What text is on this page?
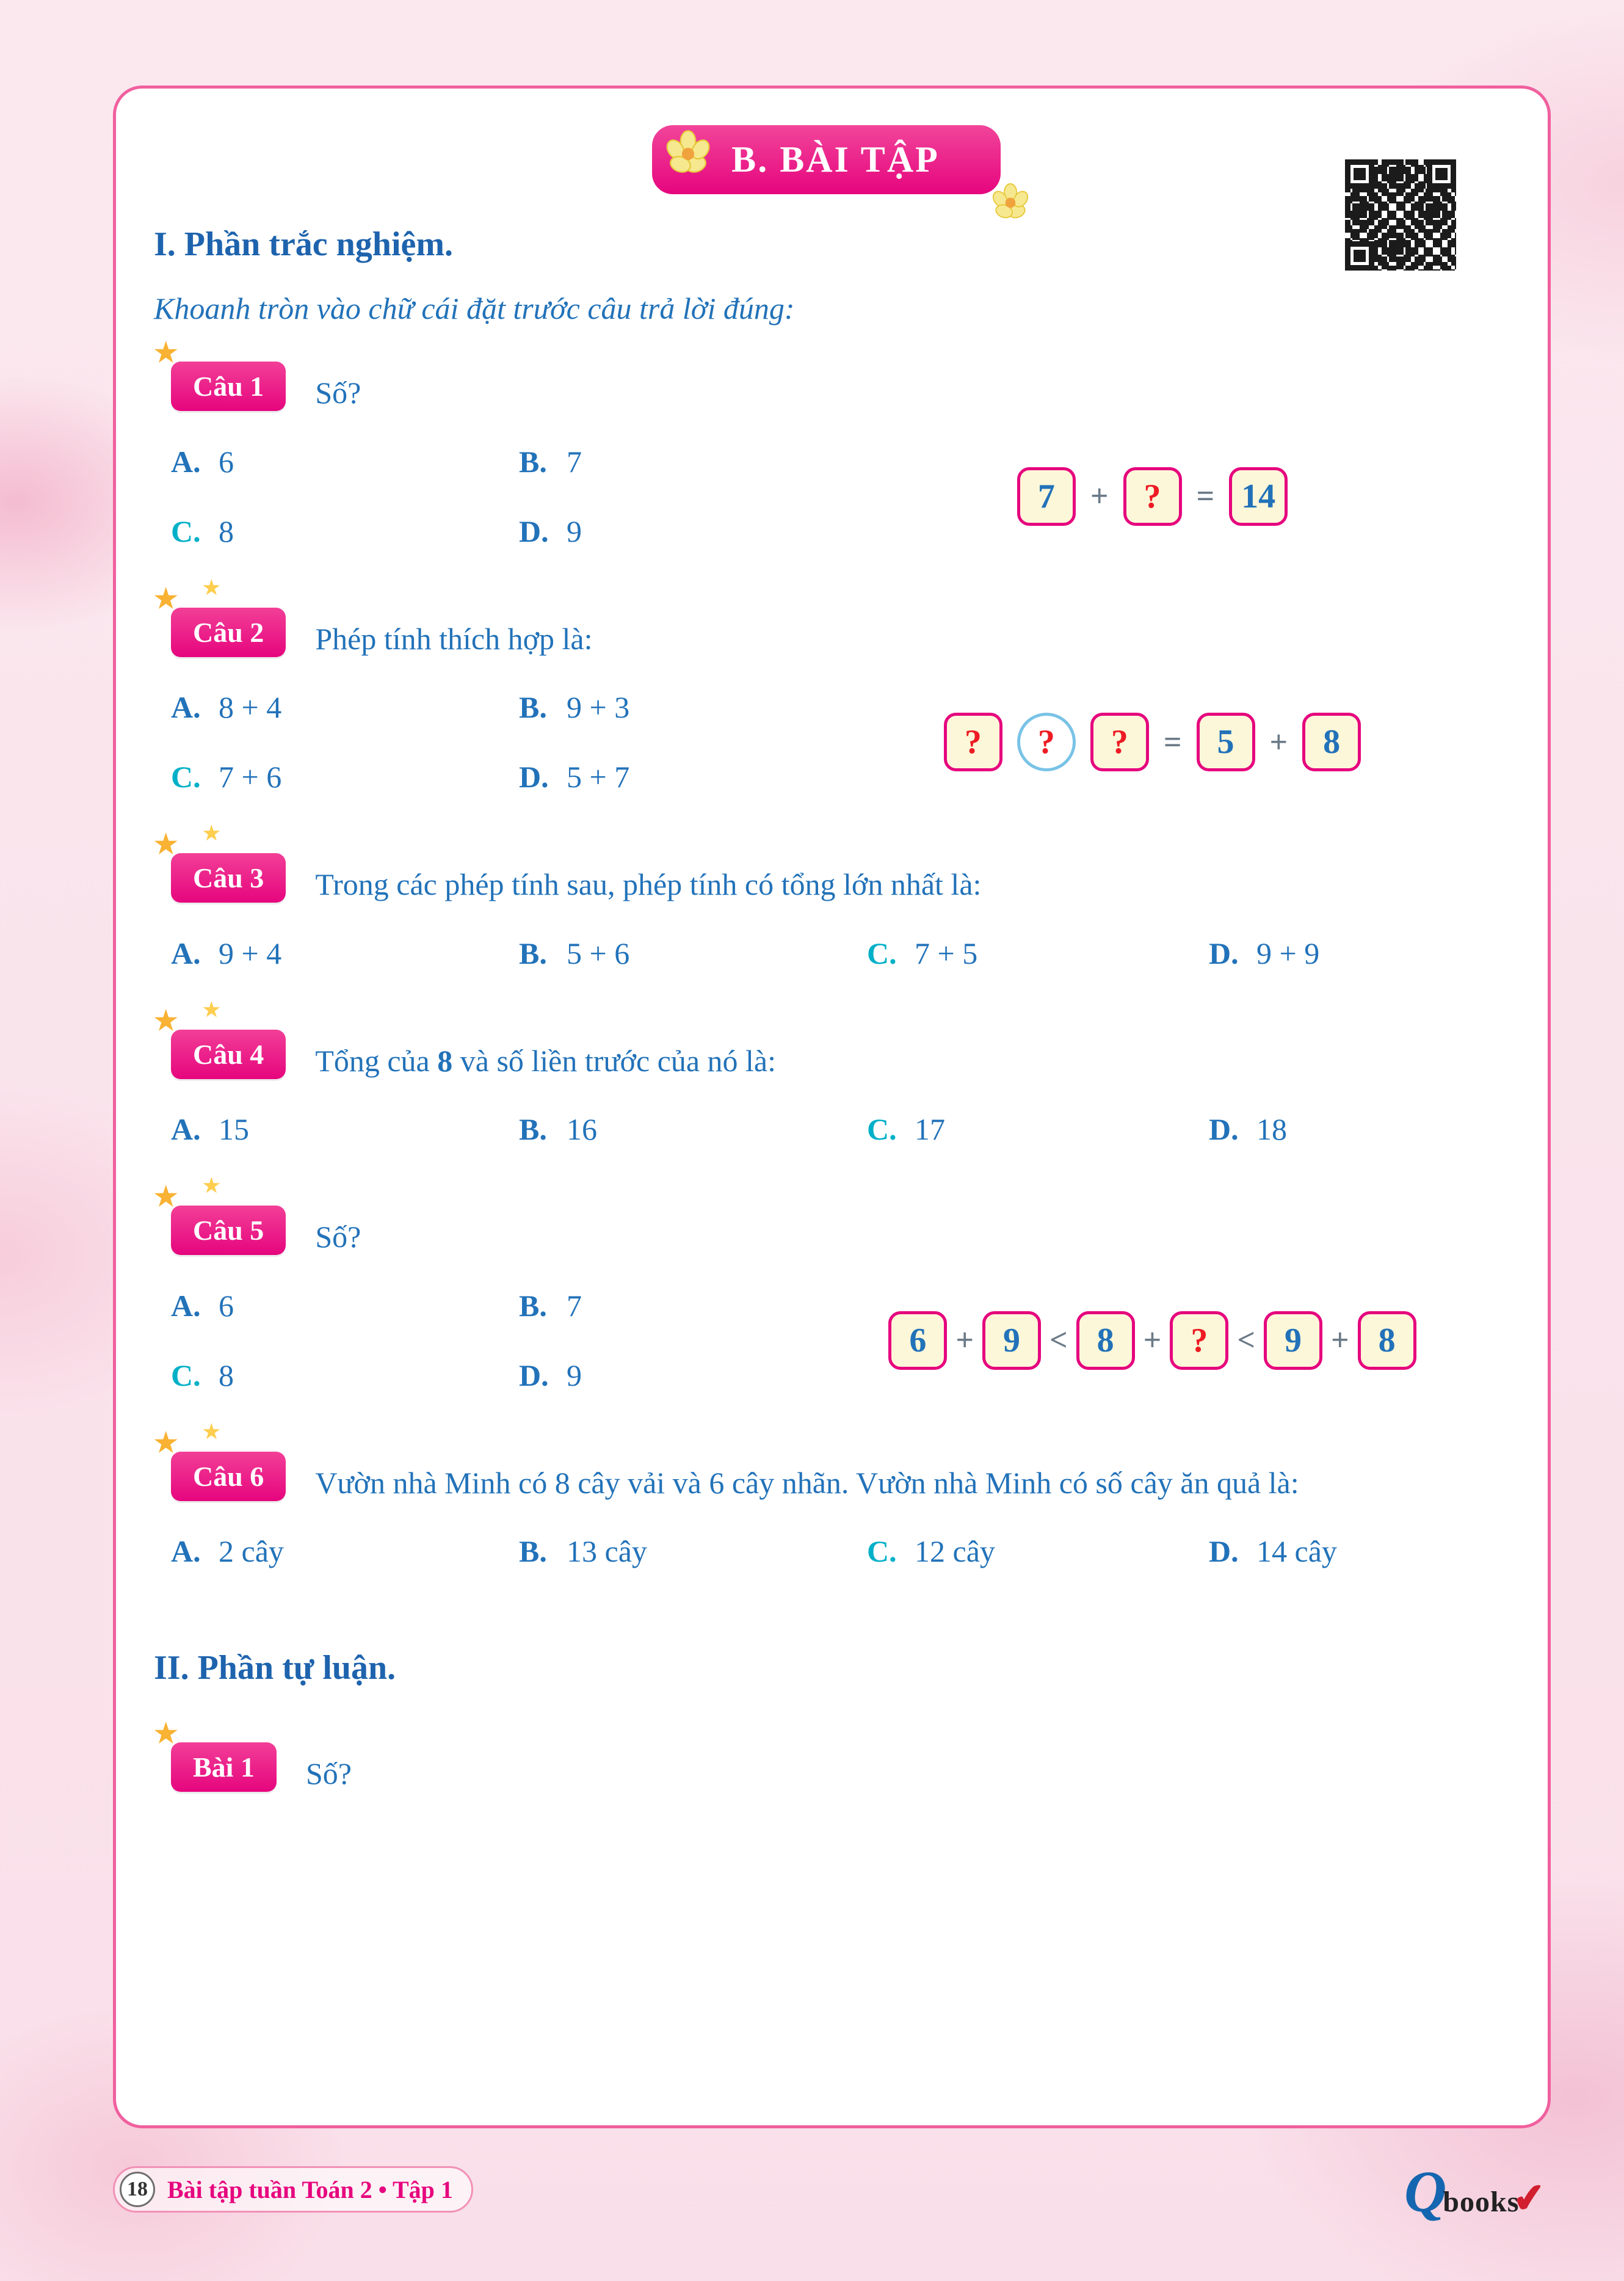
B. BÀI TẬP
I. Phần trắc nghiệm.
Khoanh tròn vào chữ cái đặt trước câu trả lời đúng:
★
Câu 1	Số?
A. 6	B. 7
C. 8	D. 9
7	+	?	= 14
★ ★
Câu 2	Phép tính thích hợp là:
A. 8 + 4	B. 9 + 3
C. 7 + 6	D. 5 + 7
?	?	?	=	5	+	8
★ ★
Câu 3	Trong các phép tính sau, phép tính có tổng lớn nhất là:
A. 9 + 4	B. 5 + 6	C. 7 + 5	D. 9 + 9
★ ★
Câu 4	Tổng của 8 và số liền trước của nó là:
A. 15	B. 16	C. 17	D. 18
★ ★
Câu 5	Số?
A. 6	B. 7
C. 8	D. 9
6 + 9 < 8 + ? < 9 + 8
★ ★
Câu 6	Vườn nhà Minh có 8 cây vải và 6 cây nhãn. Vườn nhà Minh có số cây ăn quả là:
A. 2 cây	B. 13 cây	C. 12 cây	D. 14 cây
II. Phần tự luận.
★
Bài 1	Số?
18 Bài tập tuần Toán 2 • Tập 1	Q
books
✔
